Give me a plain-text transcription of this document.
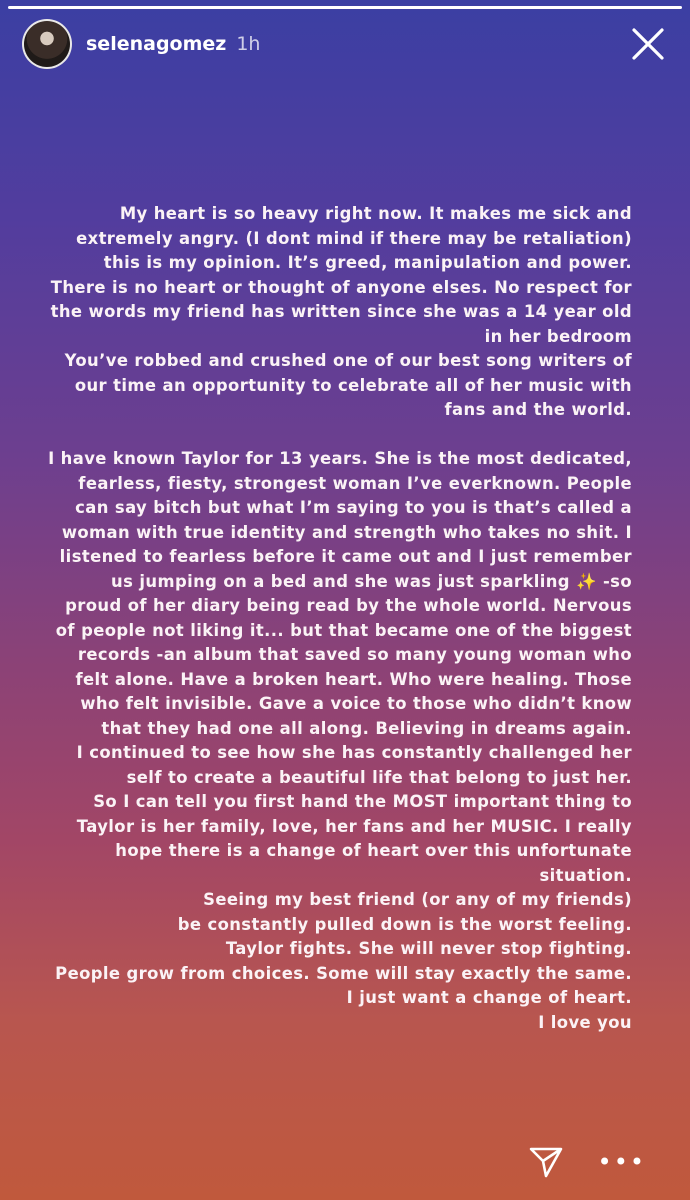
selenagomez 1h
My heart is so heavy right now. It makes me sick and
extremely angry. (I dont mind if there may be retaliation)
this is my opinion. It’s greed, manipulation and power.
There is no heart or thought of anyone elses. No respect for
the words my friend has written since she was a 14 year old
in her bedroom
You’ve robbed and crushed one of our best song writers of
our time an opportunity to celebrate all of her music with
fans and the world.
I have known Taylor for 13 years. She is the most dedicated,
fearless, fiesty, strongest woman I’ve everknown. People
can say bitch but what I’m saying to you is that’s called a
woman with true identity and strength who takes no shit. I
listened to fearless before it came out and I just remember
us jumping on a bed and she was just sparkling ✨ -so
proud of her diary being read by the whole world. Nervous
of people not liking it... but that became one of the biggest
records -an album that saved so many young woman who
felt alone. Have a broken heart. Who were healing. Those
who felt invisible. Gave a voice to those who didn’t know
that they had one all along. Believing in dreams again.
I continued to see how she has constantly challenged her
self to create a beautiful life that belong to just her.
So I can tell you first hand the MOST important thing to
Taylor is her family, love, her fans and her MUSIC. I really
hope there is a change of heart over this unfortunate
situation.
Seeing my best friend (or any of my friends)
be constantly pulled down is the worst feeling.
Taylor fights. She will never stop fighting.
People grow from choices. Some will stay exactly the same.
I just want a change of heart.
I love you
•••
